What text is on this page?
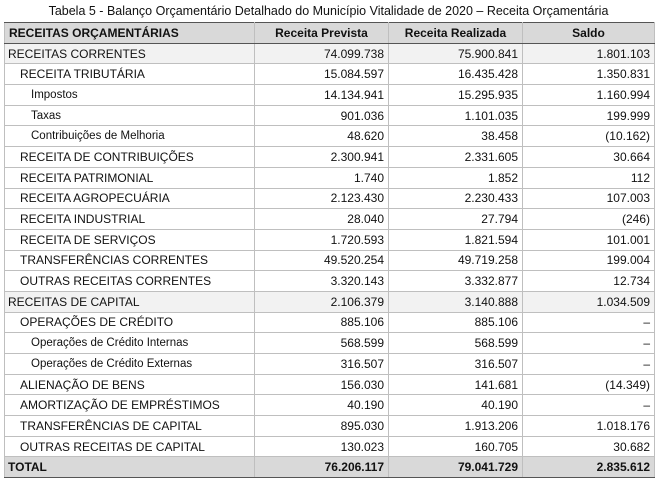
Tabela 5 - Balanço Orçamentário Detalhado do Município Vitalidade de 2020 – Receita Orçamentária
RECEITAS ORÇAMENTÁRIAS	Receita Prevista	Receita Realizada	Saldo
RECEITAS CORRENTES	74.099.738	75.900.841	1.801.103
RECEITA TRIBUTÁRIA	15.084.597	16.435.428	1.350.831
Impostos	14.134.941	15.295.935	1.160.994
Taxas	901.036	1.101.035	199.999
Contribuições de Melhoria	48.620	38.458	(10.162)
RECEITA DE CONTRIBUIÇÕES	2.300.941	2.331.605	30.664
RECEITA PATRIMONIAL	1.740	1.852	112
RECEITA AGROPECUÁRIA	2.123.430	2.230.433	107.003
RECEITA INDUSTRIAL	28.040	27.794	(246)
RECEITA DE SERVIÇOS	1.720.593	1.821.594	101.001
TRANSFERÊNCIAS CORRENTES	49.520.254	49.719.258	199.004
OUTRAS RECEITAS CORRENTES	3.320.143	3.332.877	12.734
RECEITAS DE CAPITAL	2.106.379	3.140.888	1.034.509
OPERAÇÕES DE CRÉDITO	885.106	885.106	–
Operações de Crédito Internas	568.599	568.599	–
Operações de Crédito Externas	316.507	316.507	–
ALIENAÇÃO DE BENS	156.030	141.681	(14.349)
AMORTIZAÇÃO DE EMPRÉSTIMOS	40.190	40.190	–
TRANSFERÊNCIAS DE CAPITAL	895.030	1.913.206	1.018.176
OUTRAS RECEITAS DE CAPITAL	130.023	160.705	30.682
TOTAL	76.206.117	79.041.729	2.835.612
